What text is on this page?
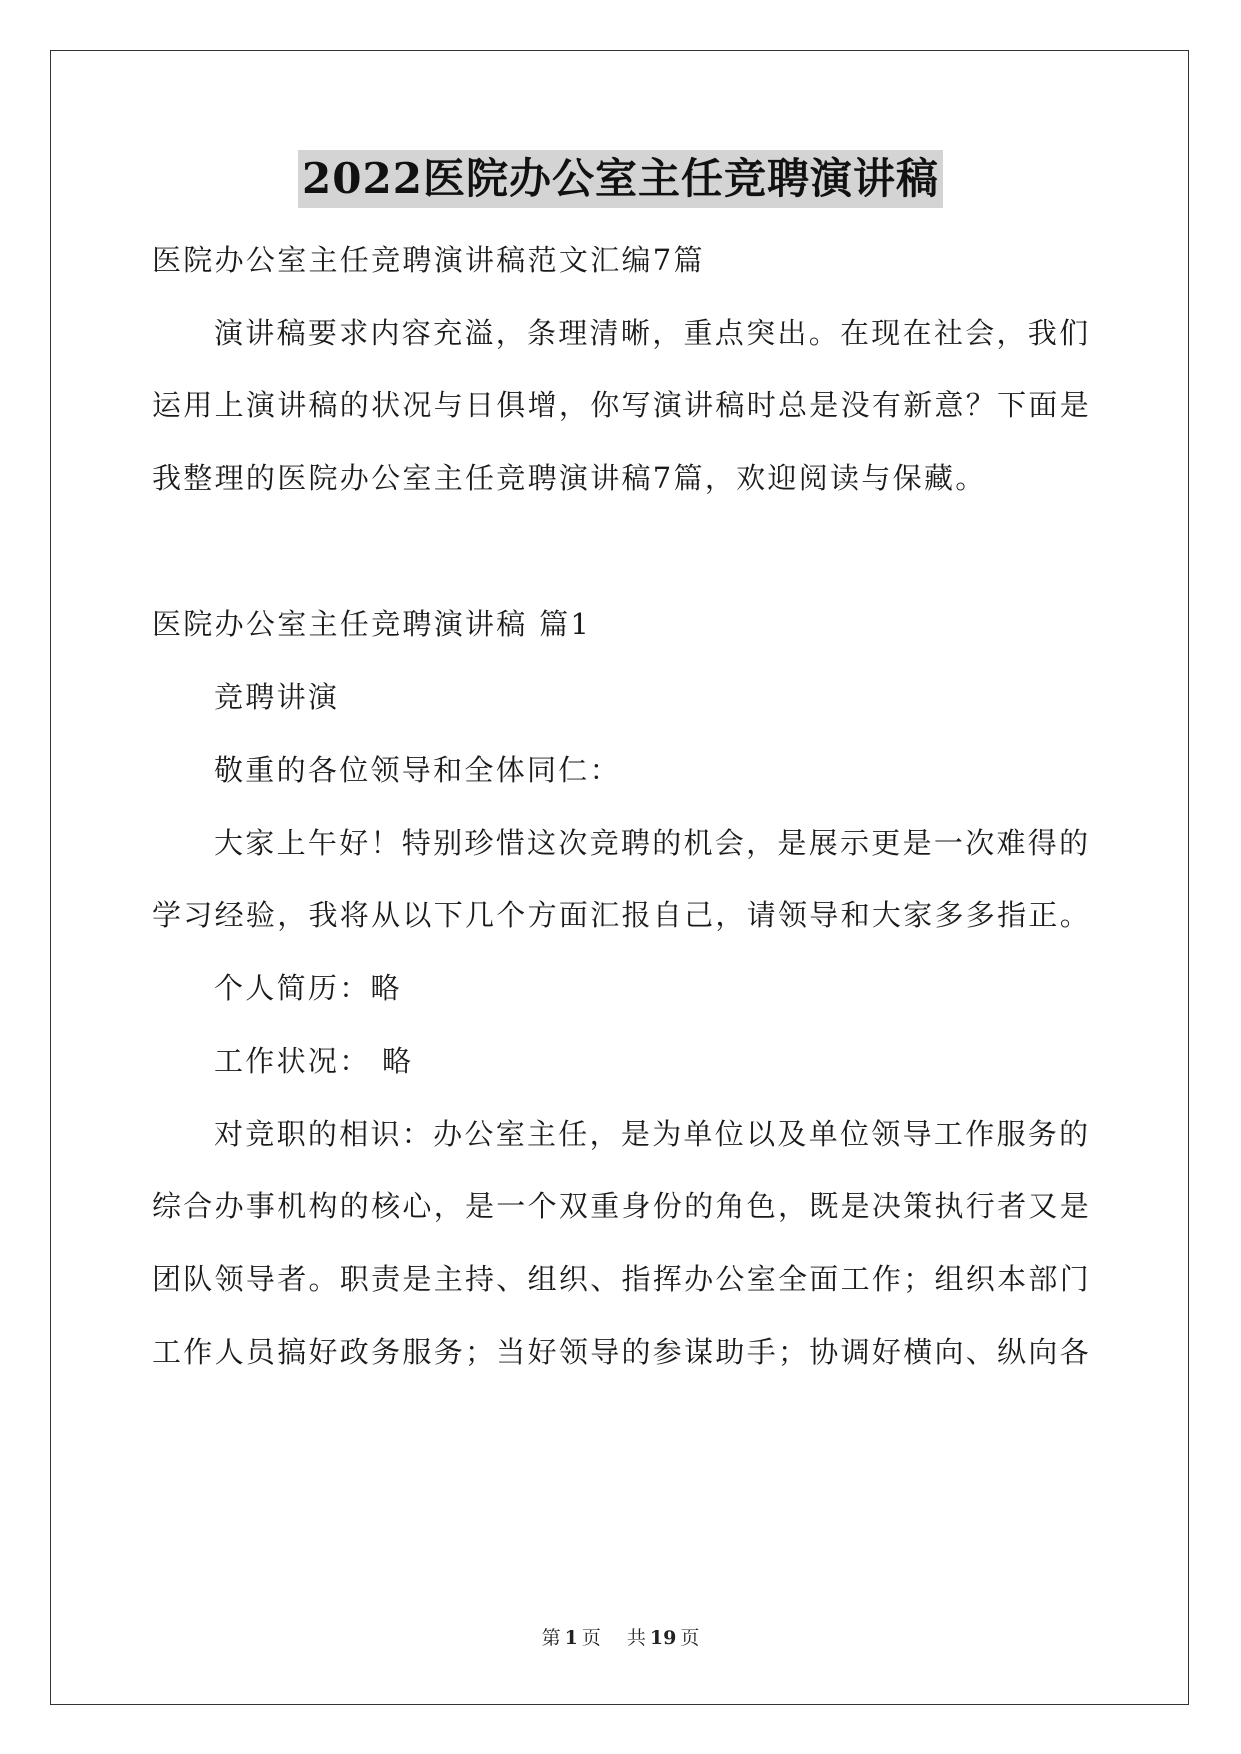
2022医院办公室主任竞聘演讲稿
医院办公室主任竞聘演讲稿范文汇编7篇
演讲稿要求内容充溢，条理清晰，重点突出。在现在社会，我们
运用上演讲稿的状况与日俱增，你写演讲稿时总是没有新意？下面是
我整理的医院办公室主任竞聘演讲稿7篇，欢迎阅读与保藏。
医院办公室主任竞聘演讲稿 篇1
竞聘讲演
敬重的各位领导和全体同仁：
大家上午好！特别珍惜这次竞聘的机会，是展示更是一次难得的
学习经验，我将从以下几个方面汇报自己，请领导和大家多多指正。
个人简历：略
工作状况： 略
对竞职的相识：办公室主任，是为单位以及单位领导工作服务的
综合办事机构的核心，是一个双重身份的角色，既是决策执行者又是
团队领导者。职责是主持、组织、指挥办公室全面工作；组织本部门
工作人员搞好政务服务；当好领导的参谋助手；协调好横向、纵向各
第 1 页 共 19 页
